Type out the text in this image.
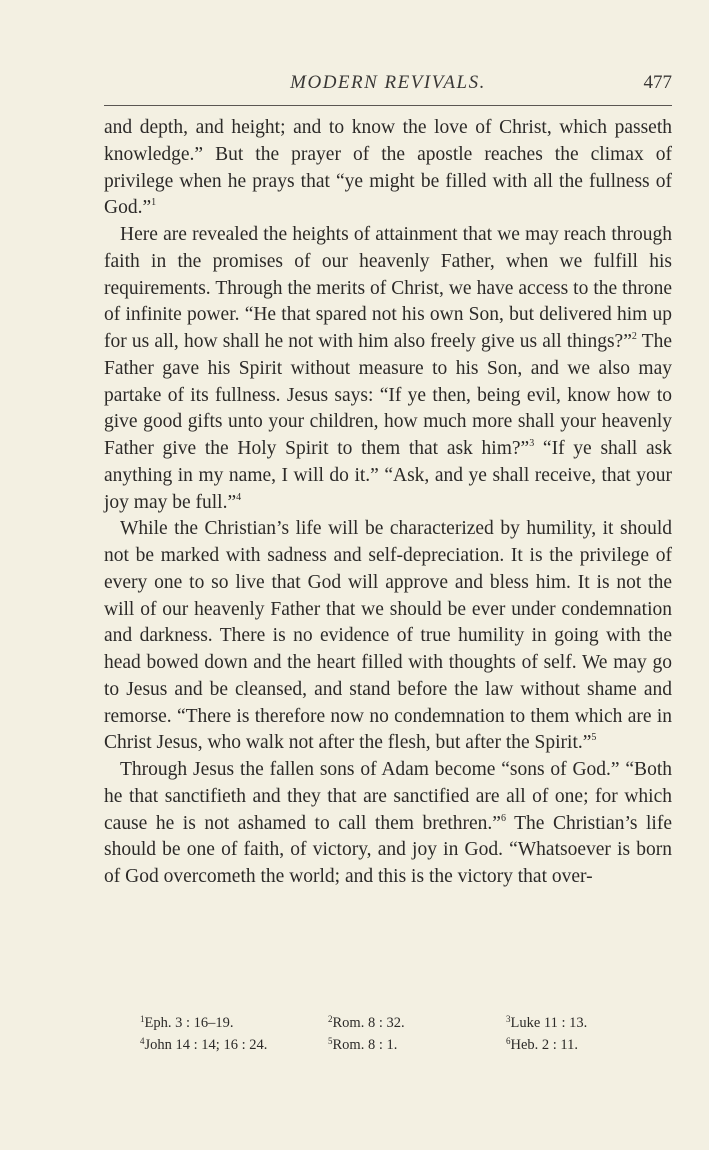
MODERN REVIVALS.	477

and depth, and height; and to know the love of Christ, which passeth knowledge.” But the prayer of the apostle reaches the climax of privilege when he prays that “ye might be filled with all the fullness of God.”$^1$

Here are revealed the heights of attainment that we may reach through faith in the promises of our heavenly Father, when we fulfill his requirements. Through the merits of Christ, we have access to the throne of infinite power. “He that spared not his own Son, but delivered him up for us all, how shall he not with him also freely give us all things?”$^2$ The Father gave his Spirit without measure to his Son, and we also may partake of its fullness. Jesus says: “If ye then, being evil, know how to give good gifts unto your children, how much more shall your heavenly Father give the Holy Spirit to them that ask him?”$^3$ “If ye shall ask anything in my name, I will do it.” “Ask, and ye shall receive, that your joy may be full.”$^4$

While the Christian’s life will be characterized by humility, it should not be marked with sadness and self-depreciation. It is the privilege of every one to so live that God will approve and bless him. It is not the will of our heavenly Father that we should be ever under condemnation and darkness. There is no evidence of true humility in going with the head bowed down and the heart filled with thoughts of self. We may go to Jesus and be cleansed, and stand before the law without shame and remorse. “There is therefore now no condemnation to them which are in Christ Jesus, who walk not after the flesh, but after the Spirit.”$^5$

Through Jesus the fallen sons of Adam become “sons of God.” “Both he that sanctifieth and they that are sanctified are all of one; for which cause he is not ashamed to call them brethren.”$^6$ The Christian’s life should be one of faith, of victory, and joy in God. “Whatsoever is born of God overcometh the world; and this is the victory that over-

$^1$Eph. 3 : 16–19.	$^2$Rom. 8 : 32.	$^3$Luke 11 : 13.
$^4$John 14 : 14; 16 : 24.	$^5$Rom. 8 : 1.	$^6$Heb. 2 : 11.
